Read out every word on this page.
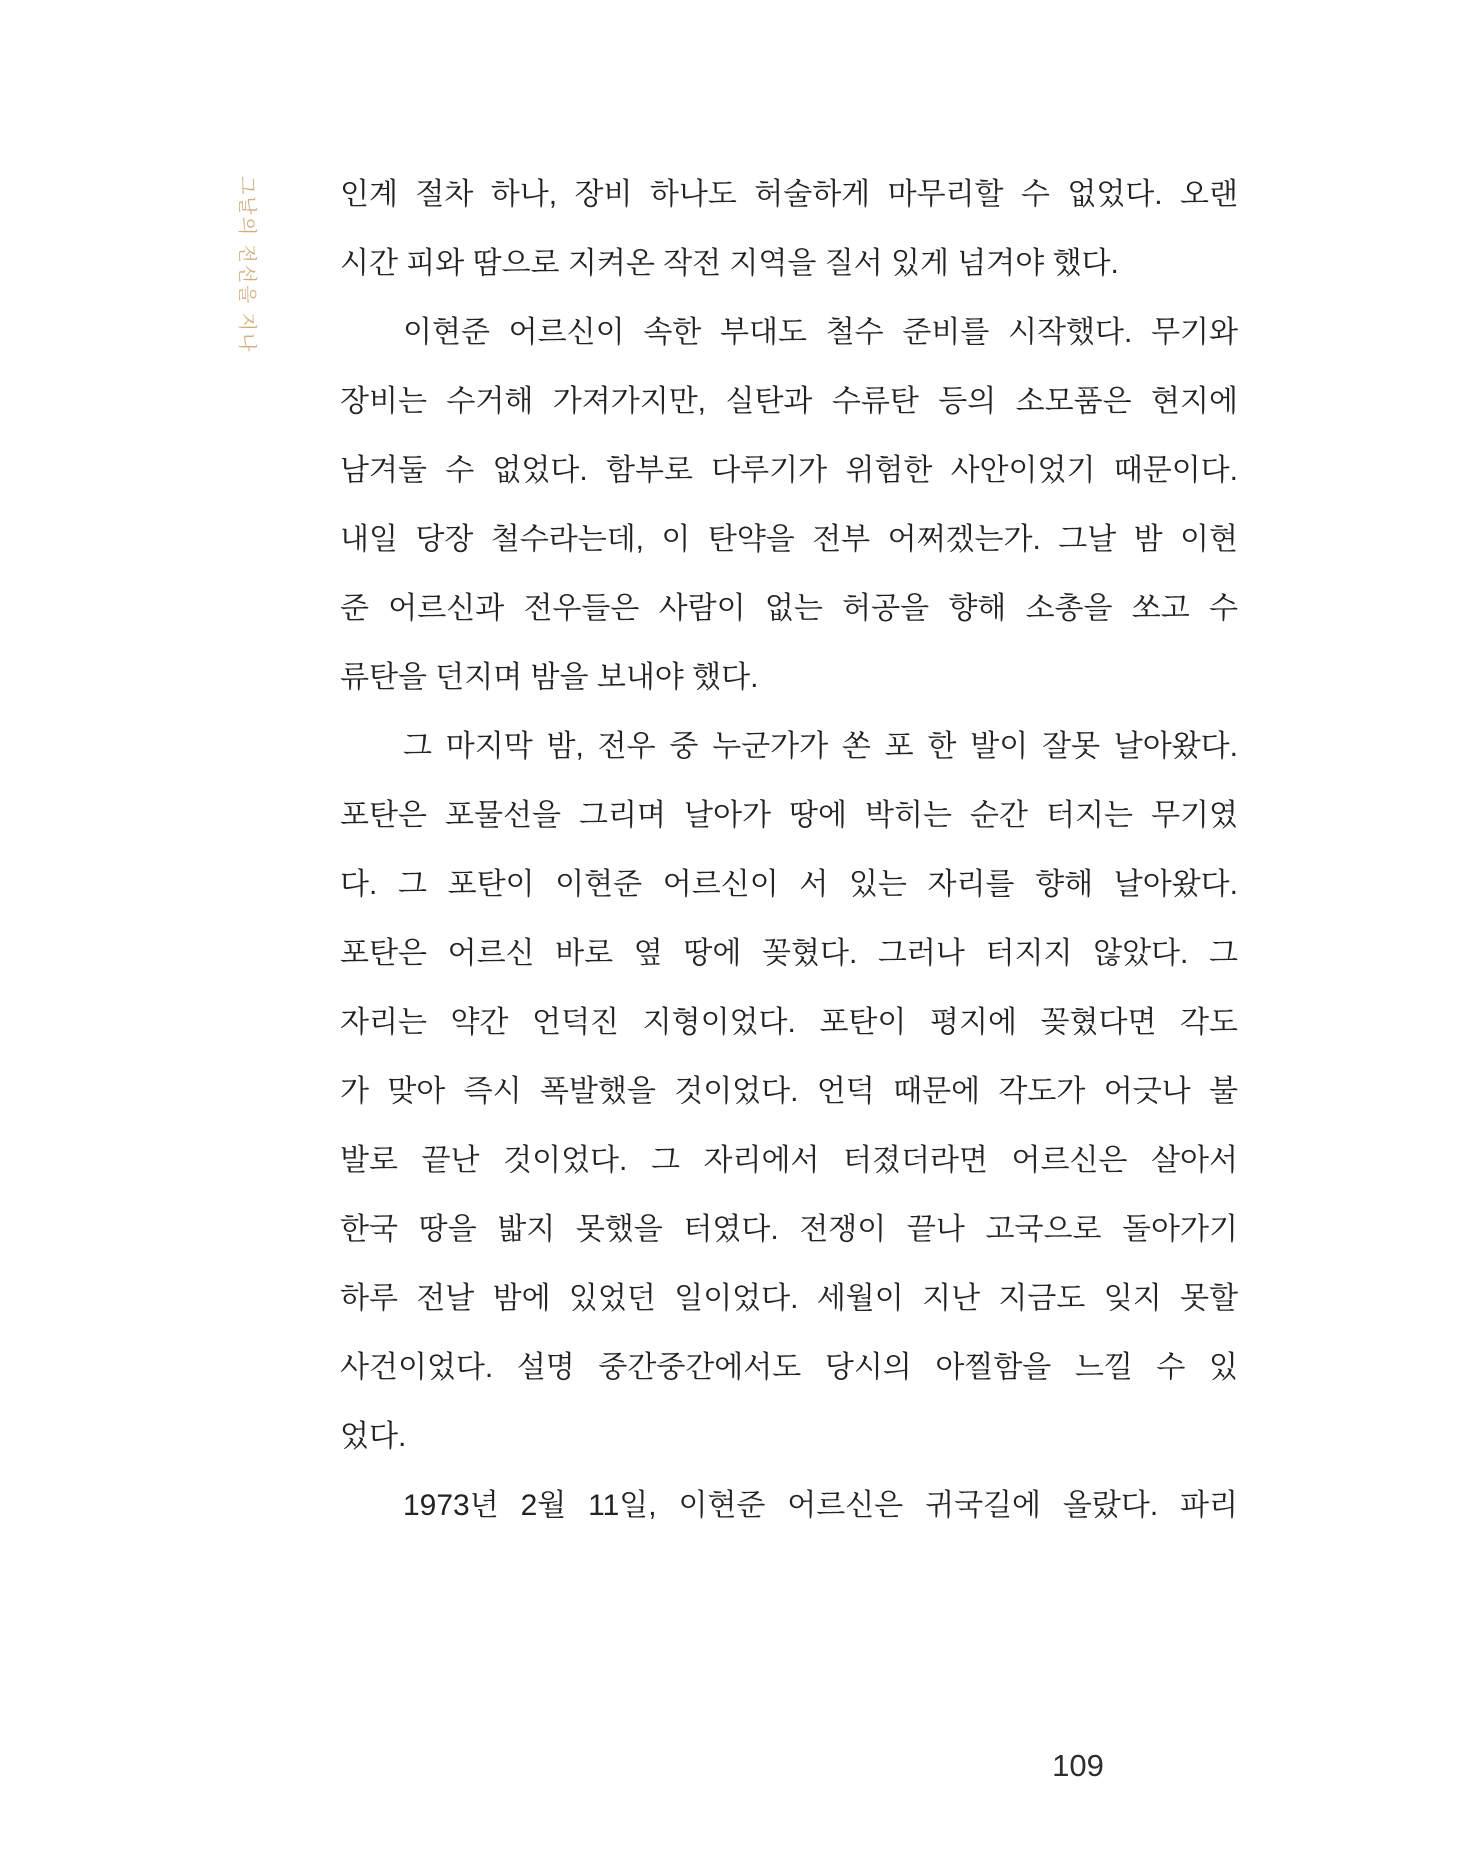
그날의 전선을 지나	인계 절차 하나, 장비 하나도 허술하게 마무리할 수 없었다. 오랜
시간 피와 땀으로 지켜온 작전 지역을 질서 있게 넘겨야 했다.
이현준 어르신이 속한 부대도 철수 준비를 시작했다. 무기와
장비는 수거해 가져가지만, 실탄과 수류탄 등의 소모품은 현지에
남겨둘 수 없었다. 함부로 다루기가 위험한 사안이었기 때문이다.
내일 당장 철수라는데, 이 탄약을 전부 어쩌겠는가. 그날 밤 이현
준 어르신과 전우들은 사람이 없는 허공을 향해 소총을 쏘고 수
류탄을 던지며 밤을 보내야 했다.
그 마지막 밤, 전우 중 누군가가 쏜 포 한 발이 잘못 날아왔다.
포탄은 포물선을 그리며 날아가 땅에 박히는 순간 터지는 무기였
다. 그 포탄이 이현준 어르신이 서 있는 자리를 향해 날아왔다.
포탄은 어르신 바로 옆 땅에 꽂혔다. 그러나 터지지 않았다. 그
자리는 약간 언덕진 지형이었다. 포탄이 평지에 꽂혔다면 각도
가 맞아 즉시 폭발했을 것이었다. 언덕 때문에 각도가 어긋나 불
발로 끝난 것이었다. 그 자리에서 터졌더라면 어르신은 살아서
한국 땅을 밟지 못했을 터였다. 전쟁이 끝나 고국으로 돌아가기
하루 전날 밤에 있었던 일이었다. 세월이 지난 지금도 잊지 못할
사건이었다. 설명 중간중간에서도 당시의 아찔함을 느낄 수 있
었다.
1973년 2월 11일, 이현준 어르신은 귀국길에 올랐다. 파리
109
